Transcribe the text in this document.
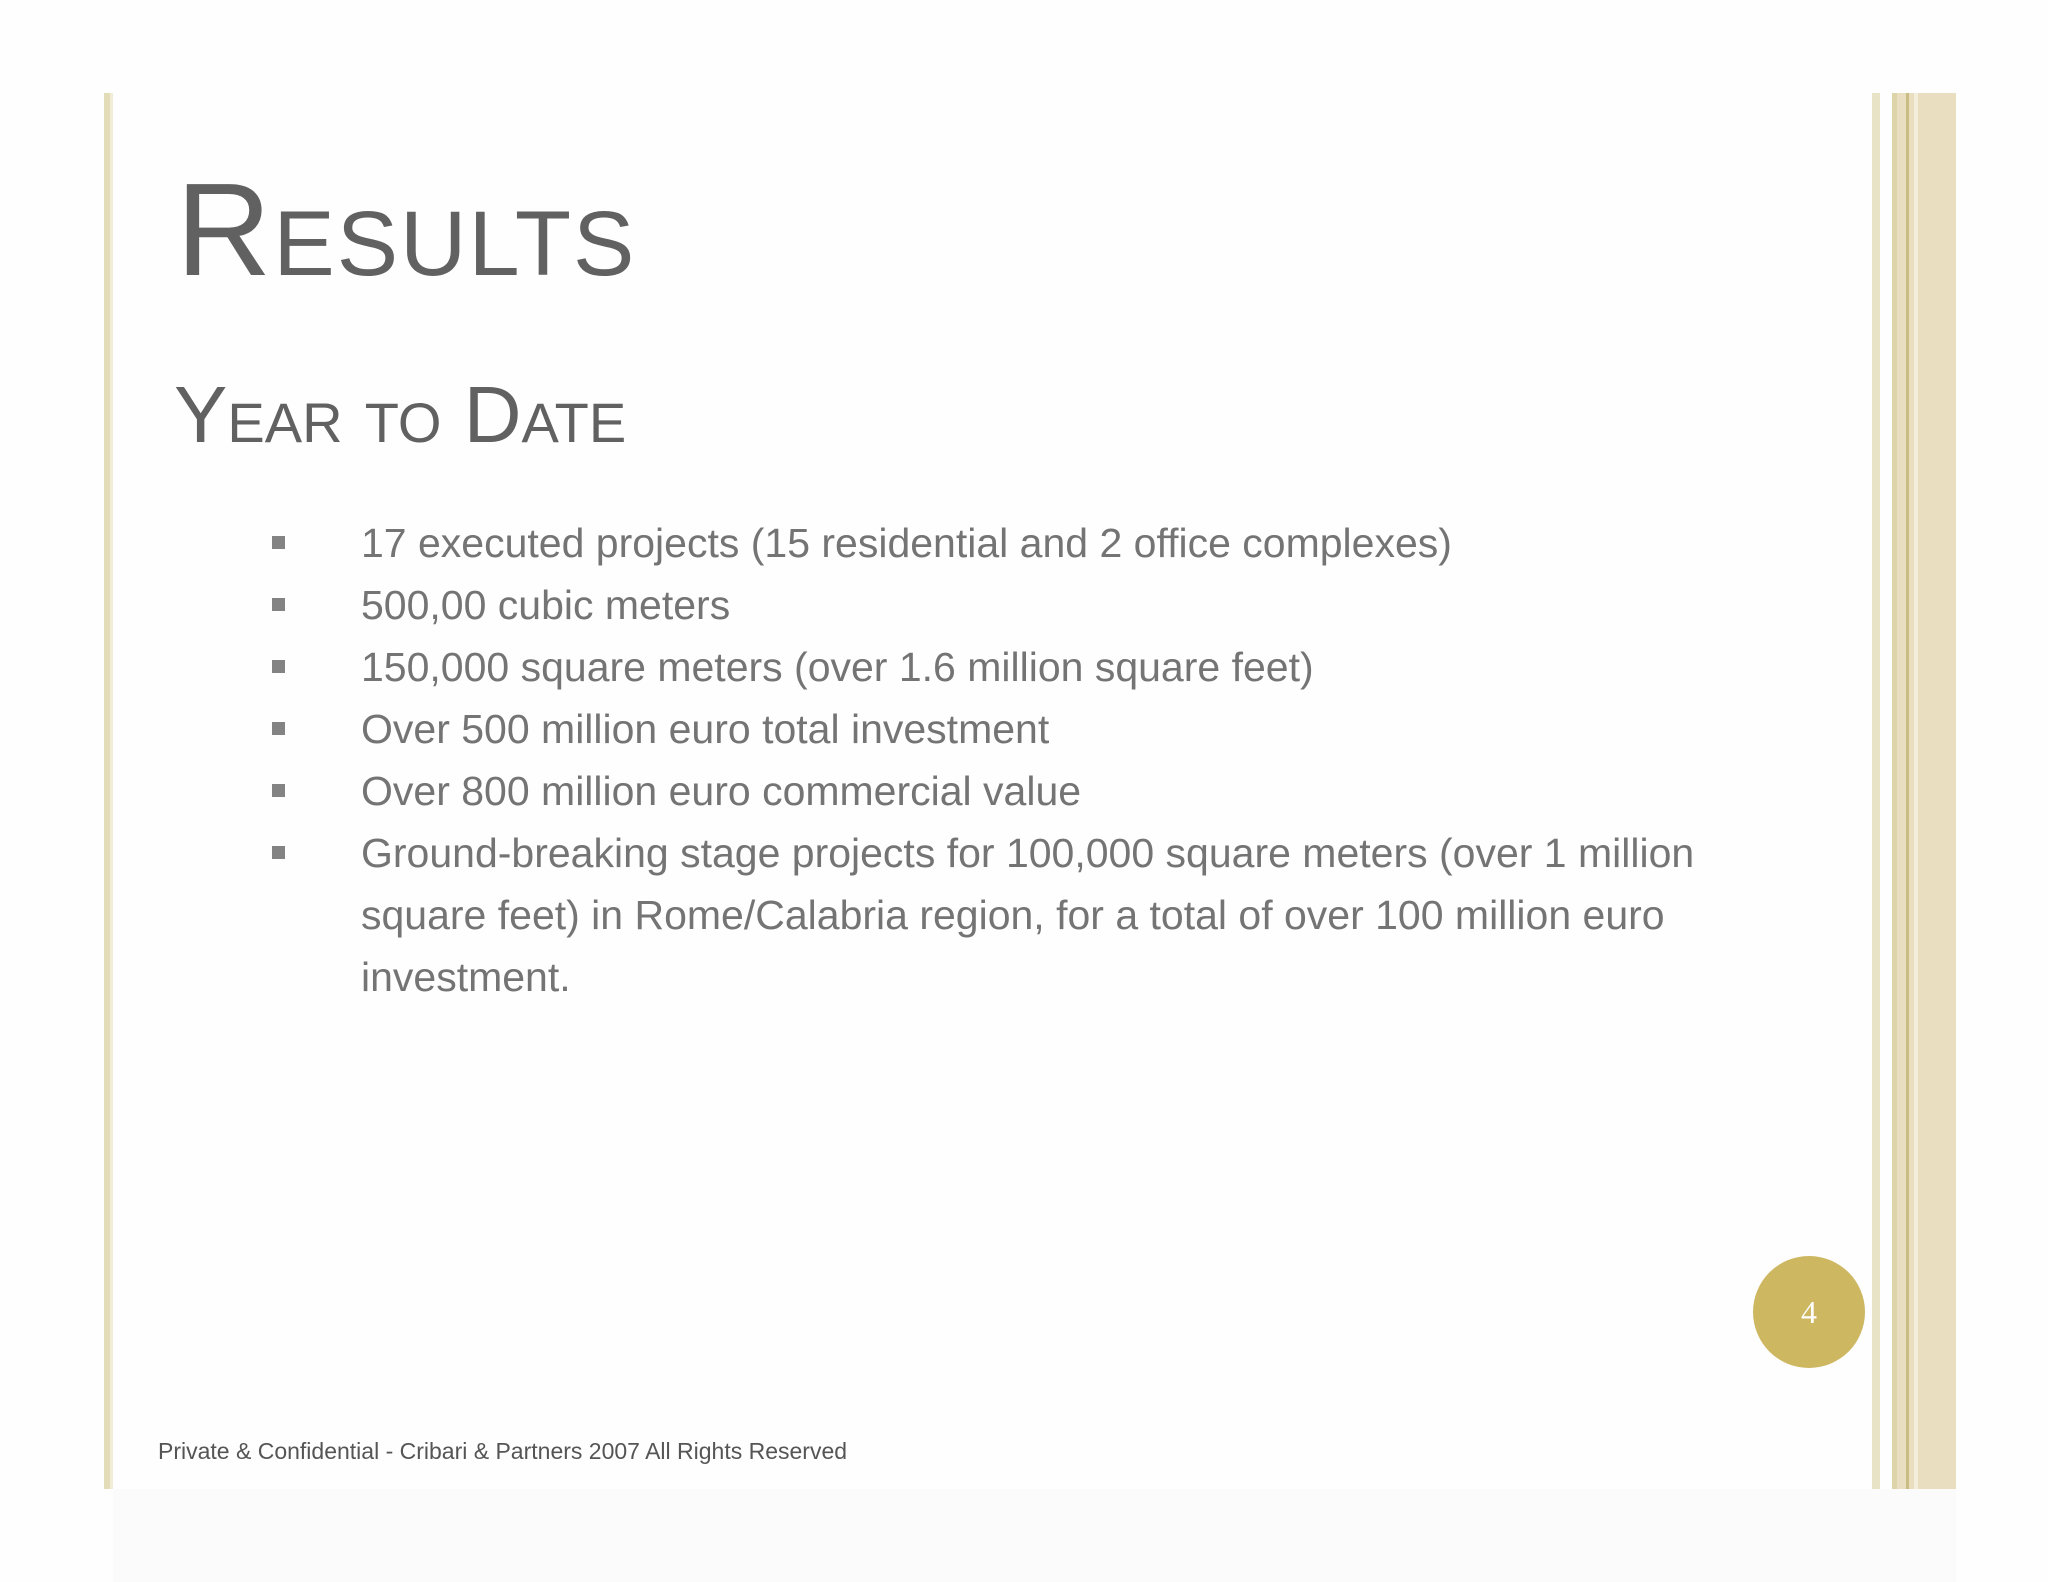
Results
Year to Date
17 executed projects (15 residential and 2 office complexes)
500,00 cubic meters
150,000 square meters (over 1.6 million square feet)
Over 500 million euro total investment
Over 800 million euro commercial value
Ground-breaking stage projects for 100,000 square meters (over 1 million square feet) in Rome/Calabria region, for a total of over 100 million euro investment.
4
Private & Confidential - Cribari & Partners 2007 All Rights Reserved
